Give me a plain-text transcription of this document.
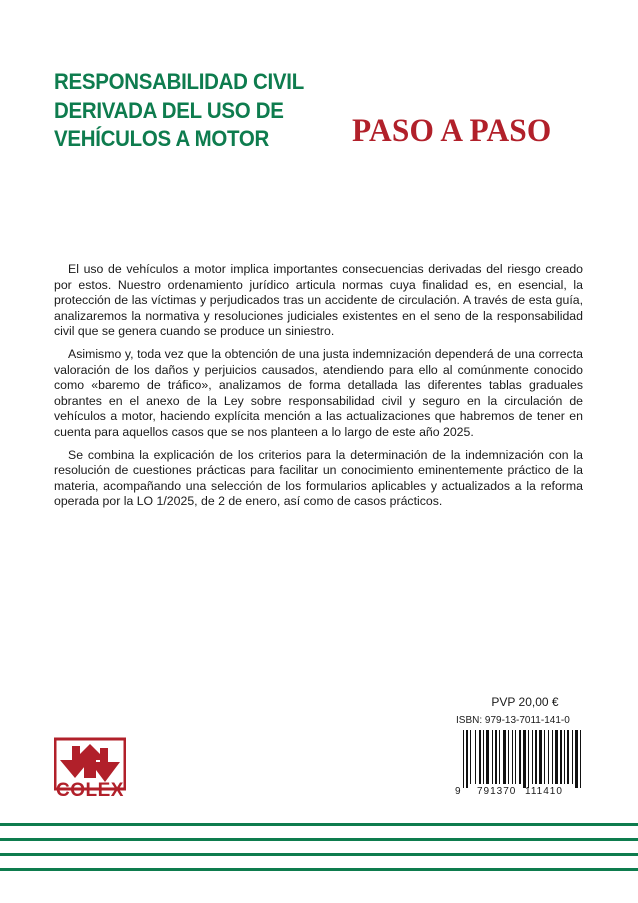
RESPONSABILIDAD CIVIL
DERIVADA DEL USO DE
VEHÍCULOS A MOTOR	PASO A PASO

El uso de vehículos a motor implica importantes consecuencias derivadas del riesgo creado por estos. Nuestro ordenamiento jurídico articula normas cuya finalidad es, en esencial, la protección de las víctimas y perjudicados tras un accidente de circulación. A través de esta guía, analizaremos la normativa y resoluciones judiciales existentes en el seno de la responsabilidad civil que se genera cuando se produce un siniestro.

Asimismo y, toda vez que la obtención de una justa indemnización dependerá de una correcta valoración de los daños y perjuicios causados, atendiendo para ello al comúnmente conocido como «baremo de tráfico», analizamos de forma detallada las diferentes tablas graduales obrantes en el anexo de la Ley sobre responsabilidad civil y seguro en la circulación de vehículos a motor, haciendo explícita mención a las actualizaciones que habremos de tener en cuenta para aquellos casos que se nos planteen a lo largo de este año 2025.

Se combina la explicación de los criterios para la determinación de la indemnización con la resolución de cuestiones prácticas para facilitar un conocimiento eminentemente práctico de la materia, acompañando una selección de los formularios aplicables y actualizados a la reforma operada por la LO 1/2025, de 2 de enero, así como de casos prácticos.

PVP 20,00 €
ISBN: 979-13-7011-141-0
9 791370 111410
COLEX
